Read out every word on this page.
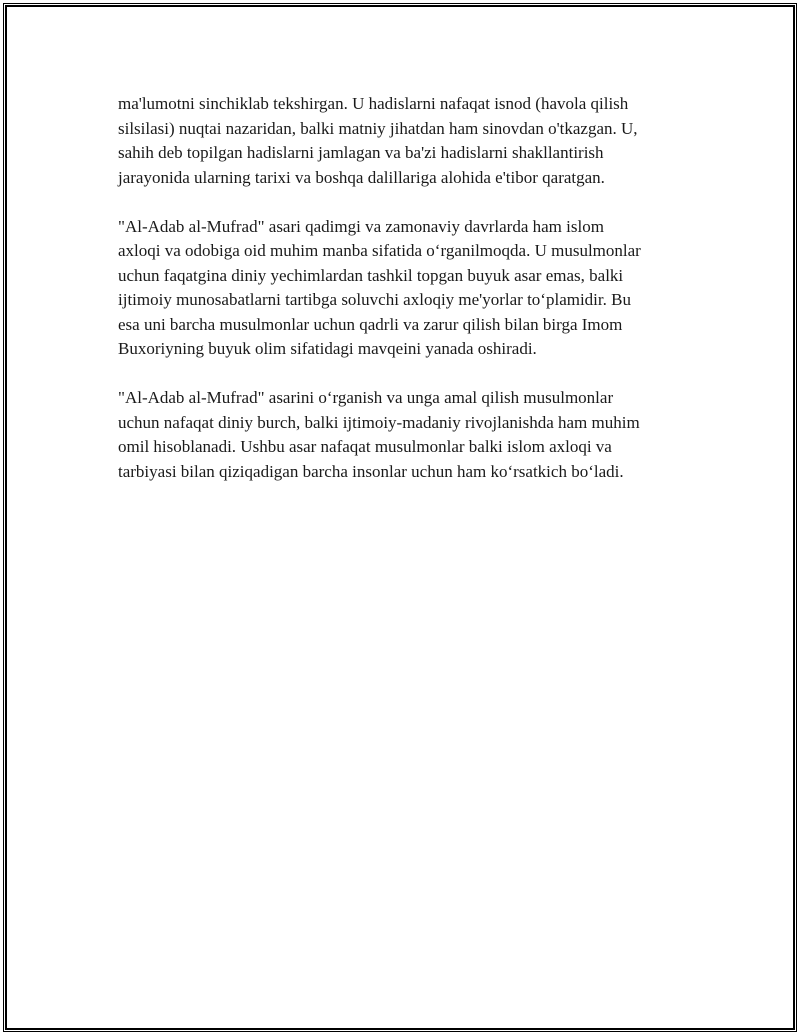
ma'lumotni sinchiklab tekshirgan. U hadislarni nafaqat isnod (havola qilish
silsilasi) nuqtai nazaridan, balki matniy jihatdan ham sinovdan o'tkazgan. U,
sahih deb topilgan hadislarni jamlagan va ba'zi hadislarni shakllantirish
jarayonida ularning tarixi va boshqa dalillariga alohida e'tibor qaratgan.

"Al-Adab al-Mufrad" asari qadimgi va zamonaviy davrlarda ham islom
axloqi va odobiga oid muhim manba sifatida o‘rganilmoqda. U musulmonlar
uchun faqatgina diniy yechimlardan tashkil topgan buyuk asar emas, balki
ijtimoiy munosabatlarni tartibga soluvchi axloqiy me'yorlar to‘plamidir. Bu
esa uni barcha musulmonlar uchun qadrli va zarur qilish bilan birga Imom
Buxoriyning buyuk olim sifatidagi mavqeini yanada oshiradi.

"Al-Adab al-Mufrad" asarini o‘rganish va unga amal qilish musulmonlar
uchun nafaqat diniy burch, balki ijtimoiy-madaniy rivojlanishda ham muhim
omil hisoblanadi. Ushbu asar nafaqat musulmonlar balki islom axloqi va
tarbiyasi bilan qiziqadigan barcha insonlar uchun ham ko‘rsatkich bo‘ladi.
